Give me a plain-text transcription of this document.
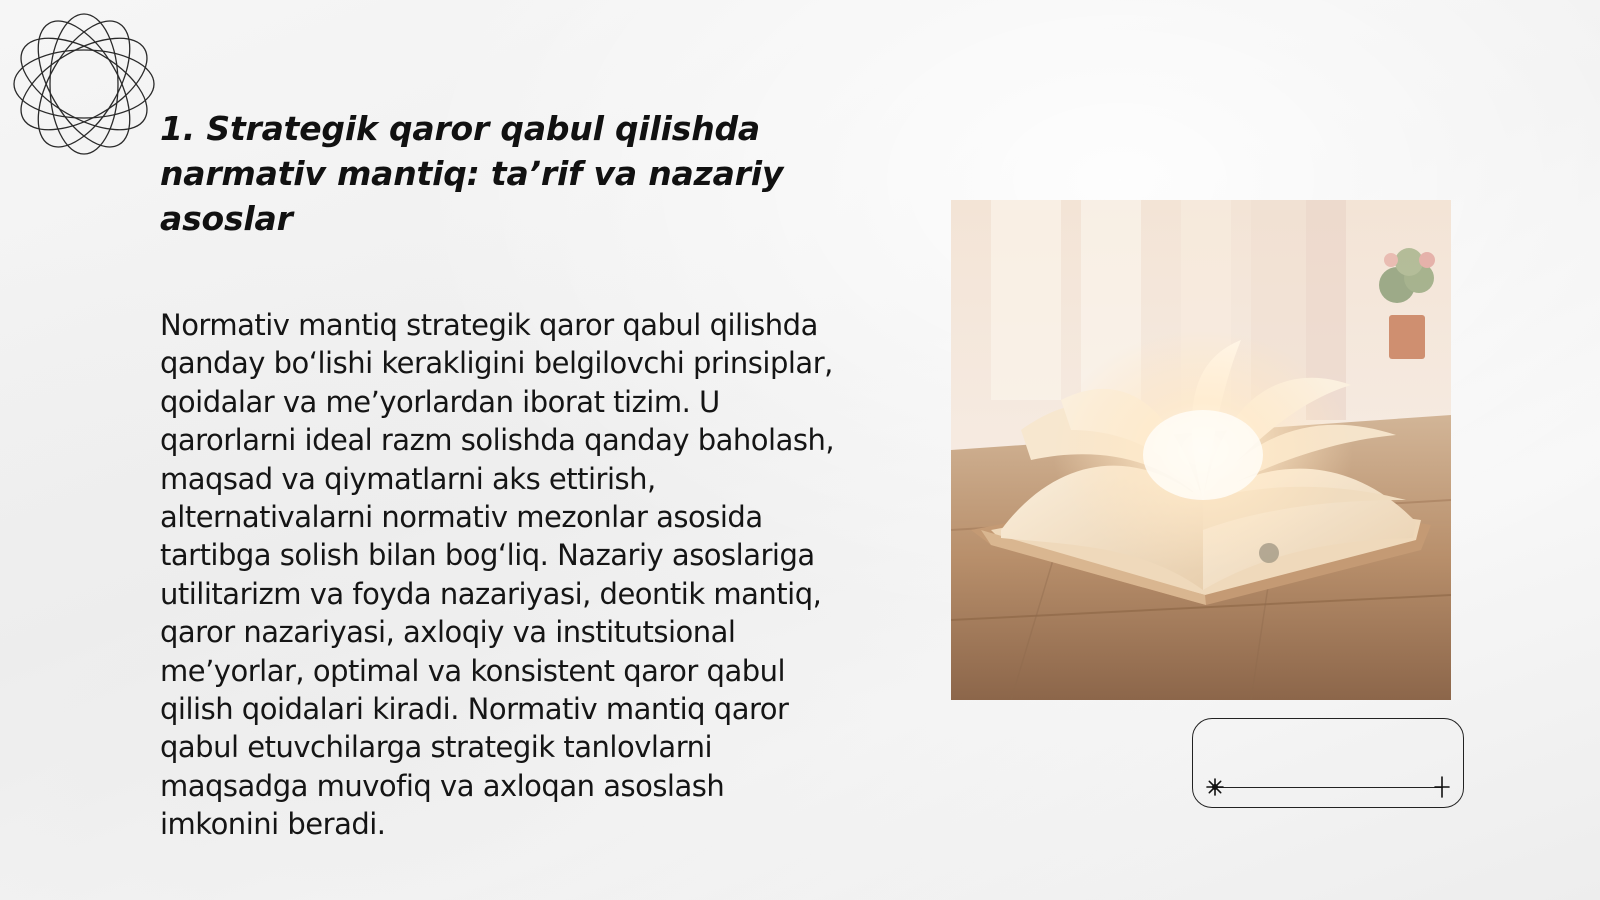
1. Strategik qaror qabul qilishda narmativ mantiq: ta’rif va nazariy asoslar

Normativ mantiq strategik qaror qabul qilishda qanday bo‘lishi kerakligini belgilovchi prinsiplar, qoidalar va me’yorlardan iborat tizim. U qarorlarni ideal razm solishda qanday baholash, maqsad va qiymatlarni aks ettirish, alternativalarni normativ mezonlar asosida tartibga solish bilan bog‘liq. Nazariy asoslariga utilitarizm va foyda nazariyasi, deontik mantiq, qaror nazariyasi, axloqiy va institutsional me’yorlar, optimal va konsistent qaror qabul qilish qoidalari kiradi. Normativ mantiq qaror qabul etuvchilarga strategik tanlovlarni maqsadga muvofiq va axloqan asoslash imkonini beradi.
